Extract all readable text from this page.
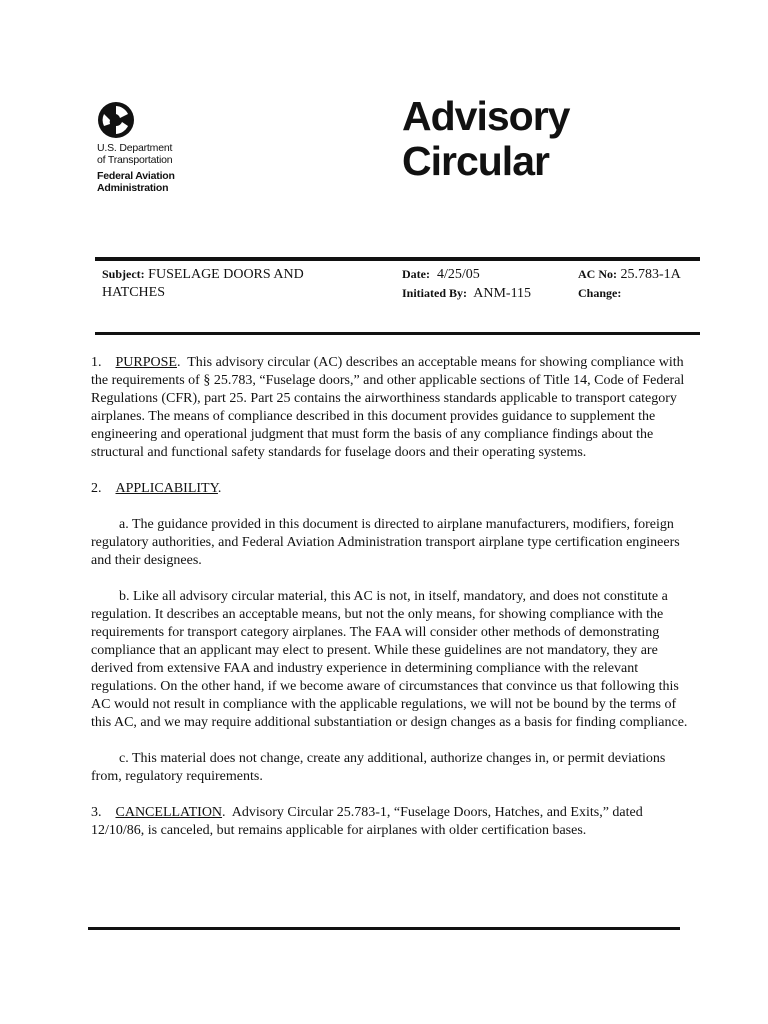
U.S. Department
of Transportation
Federal Aviation
Administration
Advisory
Circular
Subject: FUSELAGE DOORS AND HATCHES
Date: 4/25/05
Initiated By: ANM-115
AC No: 25.783-1A
Change:

1. PURPOSE.  This advisory circular (AC) describes an acceptable means for showing compliance with the requirements of § 25.783, “Fuselage doors,” and other applicable sections of Title 14, Code of Federal Regulations (CFR), part 25. Part 25 contains the airworthiness standards applicable to transport category airplanes. The means of compliance described in this document provides guidance to supplement the engineering and operational judgment that must form the basis of any compliance findings about the structural and functional safety standards for fuselage doors and their operating systems.

2. APPLICABILITY.

a. The guidance provided in this document is directed to airplane manufacturers, modifiers, foreign regulatory authorities, and Federal Aviation Administration transport airplane type certification engineers and their designees.

b. Like all advisory circular material, this AC is not, in itself, mandatory, and does not constitute a regulation. It describes an acceptable means, but not the only means, for showing compliance with the requirements for transport category airplanes. The FAA will consider other methods of demonstrating compliance that an applicant may elect to present. While these guidelines are not mandatory, they are derived from extensive FAA and industry experience in determining compliance with the relevant regulations. On the other hand, if we become aware of circumstances that convince us that following this AC would not result in compliance with the applicable regulations, we will not be bound by the terms of this AC, and we may require additional substantiation or design changes as a basis for finding compliance.

c. This material does not change, create any additional, authorize changes in, or permit deviations from, regulatory requirements.

3. CANCELLATION.  Advisory Circular 25.783-1, “Fuselage Doors, Hatches, and Exits,” dated 12/10/86, is canceled, but remains applicable for airplanes with older certification bases.
